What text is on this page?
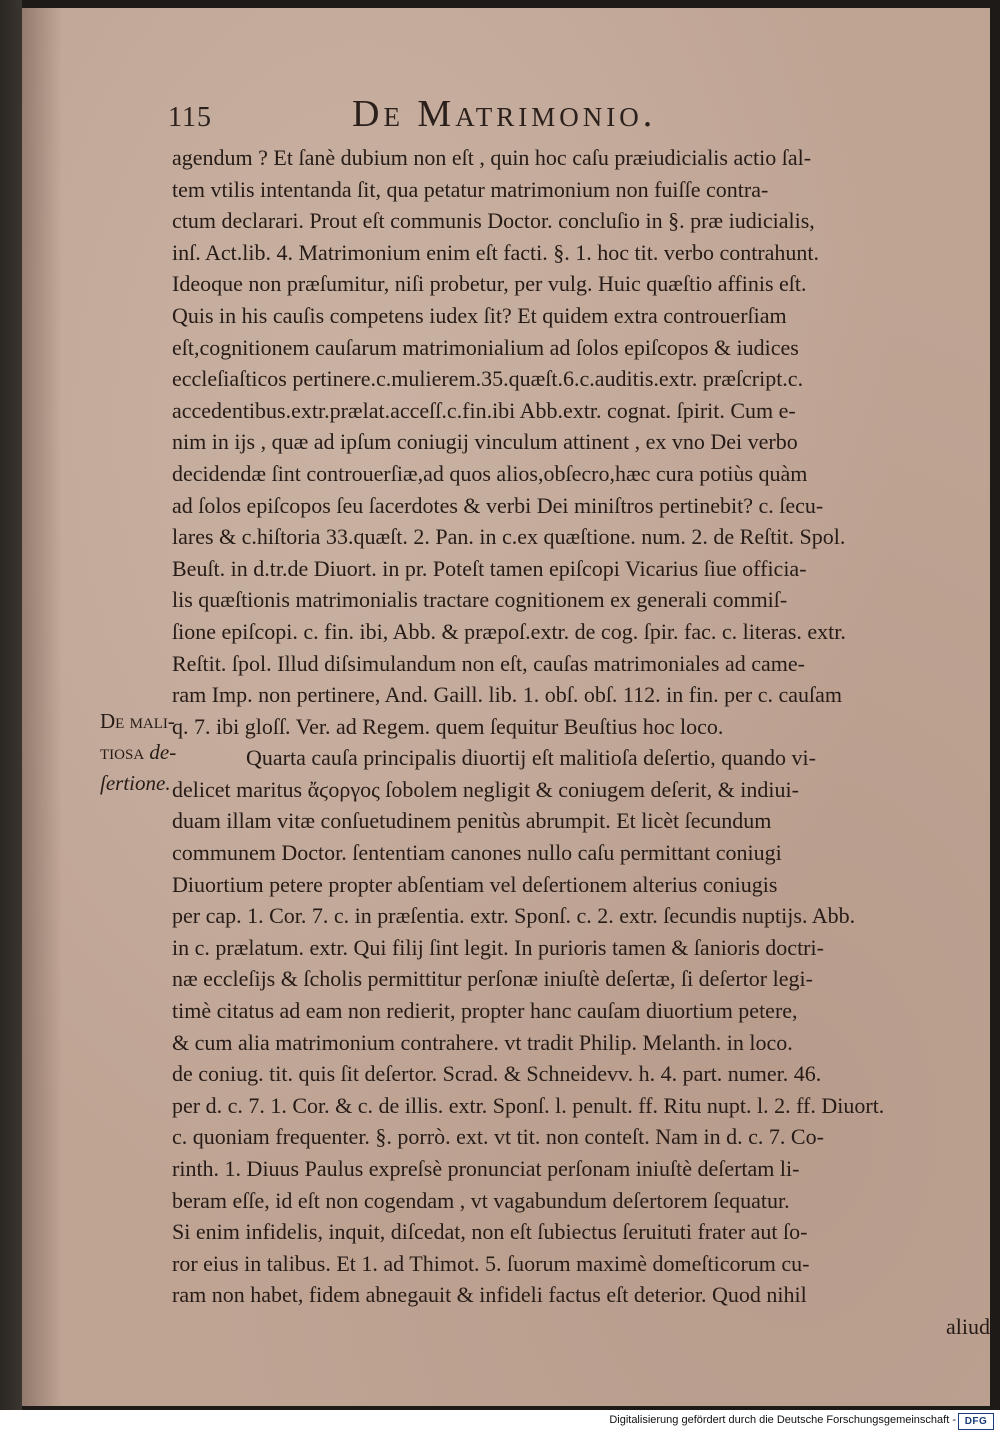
115	De Matrimonio.
De mali-
tiosa de-
ſertione.
agendum ? Et ſanè dubium non eſt , quin hoc caſu præiudicialis actio ſal-
tem vtilis intentanda ſit, qua petatur matrimonium non fuiſſe contra-
ctum declarari. Prout eſt communis Doctor. concluſio in §. præ iudicialis,
inſ. Act.lib. 4. Matrimonium enim eſt facti. §. 1. hoc tit. verbo contrahunt.
Ideoque non præſumitur, niſi probetur, per vulg. Huic quæſtio affinis eſt.
Quis in his cauſis competens iudex ſit? Et quidem extra controuerſiam
eſt,cognitionem cauſarum matrimonialium ad ſolos epiſcopos & iudices
eccleſiaſticos pertinere.c.mulierem.35.quæſt.6.c.auditis.extr. præſcript.c.
accedentibus.extr.prælat.acceſſ.c.fin.ibi Abb.extr. cognat. ſpirit. Cum e-
nim in ijs , quæ ad ipſum coniugij vinculum attinent , ex vno Dei verbo
decidendæ ſint controuerſiæ,ad quos alios,obſecro,hæc cura potiùs quàm
ad ſolos epiſcopos ſeu ſacerdotes & verbi Dei miniſtros pertinebit? c. ſecu-
lares & c.hiſtoria 33.quæſt. 2. Pan. in c.ex quæſtione. num. 2. de Reſtit. Spol.
Beuſt. in d.tr.de Diuort. in pr. Poteſt tamen epiſcopi Vicarius ſiue officia-
lis quæſtionis matrimonialis tractare cognitionem ex generali commiſ-
ſione epiſcopi. c. fin. ibi, Abb. & præpoſ.extr. de cog. ſpir. fac. c. literas. extr.
Reſtit. ſpol. Illud diſsimulandum non eſt, cauſas matrimoniales ad came-
ram Imp. non pertinere, And. Gaill. lib. 1. obſ. obſ. 112. in fin. per c. cauſam
q. 7. ibi gloſſ. Ver. ad Regem. quem ſequitur Beuſtius hoc loco.
Quarta cauſa principalis diuortij eſt malitioſa deſertio, quando vi-
delicet maritus ἄϛοργος ſobolem negligit & coniugem deſerit, & indiui-
duam illam vitæ conſuetudinem penitùs abrumpit. Et licèt ſecundum
communem Doctor. ſententiam canones nullo caſu permittant coniugi
Diuortium petere propter abſentiam vel deſertionem alterius coniugis
per cap. 1. Cor. 7. c. in præſentia. extr. Sponſ. c. 2. extr. ſecundis nuptijs. Abb.
in c. prælatum. extr. Qui filij ſint legit. In purioris tamen & ſanioris doctri-
næ eccleſijs & ſcholis permittitur perſonæ iniuſtè deſertæ, ſi deſertor legi-
timè citatus ad eam non redierit, propter hanc cauſam diuortium petere,
& cum alia matrimonium contrahere. vt tradit Philip. Melanth. in loco.
de coniug. tit. quis ſit deſertor. Scrad. & Schneidevv. h. 4. part. numer. 46.
per d. c. 7. 1. Cor. & c. de illis. extr. Sponſ. l. penult. ff. Ritu nupt. l. 2. ff. Diuort.
c. quoniam frequenter. §. porrò. ext. vt tit. non conteſt. Nam in d. c. 7. Co-
rinth. 1. Diuus Paulus expreſsè pronunciat perſonam iniuſtè deſertam li-
beram eſſe, id eſt non cogendam , vt vagabundum deſertorem ſequatur.
Si enim infidelis, inquit, diſcedat, non eſt ſubiectus ſeruituti frater aut ſo-
ror eius in talibus. Et 1. ad Thimot. 5. ſuorum maximè domeſticorum cu-
ram non habet, fidem abnegauit & infideli factus eſt deterior. Quod nihil
aliud
Digitalisierung gefördert durch die Deutsche Forschungsgemeinschaft - DFG
